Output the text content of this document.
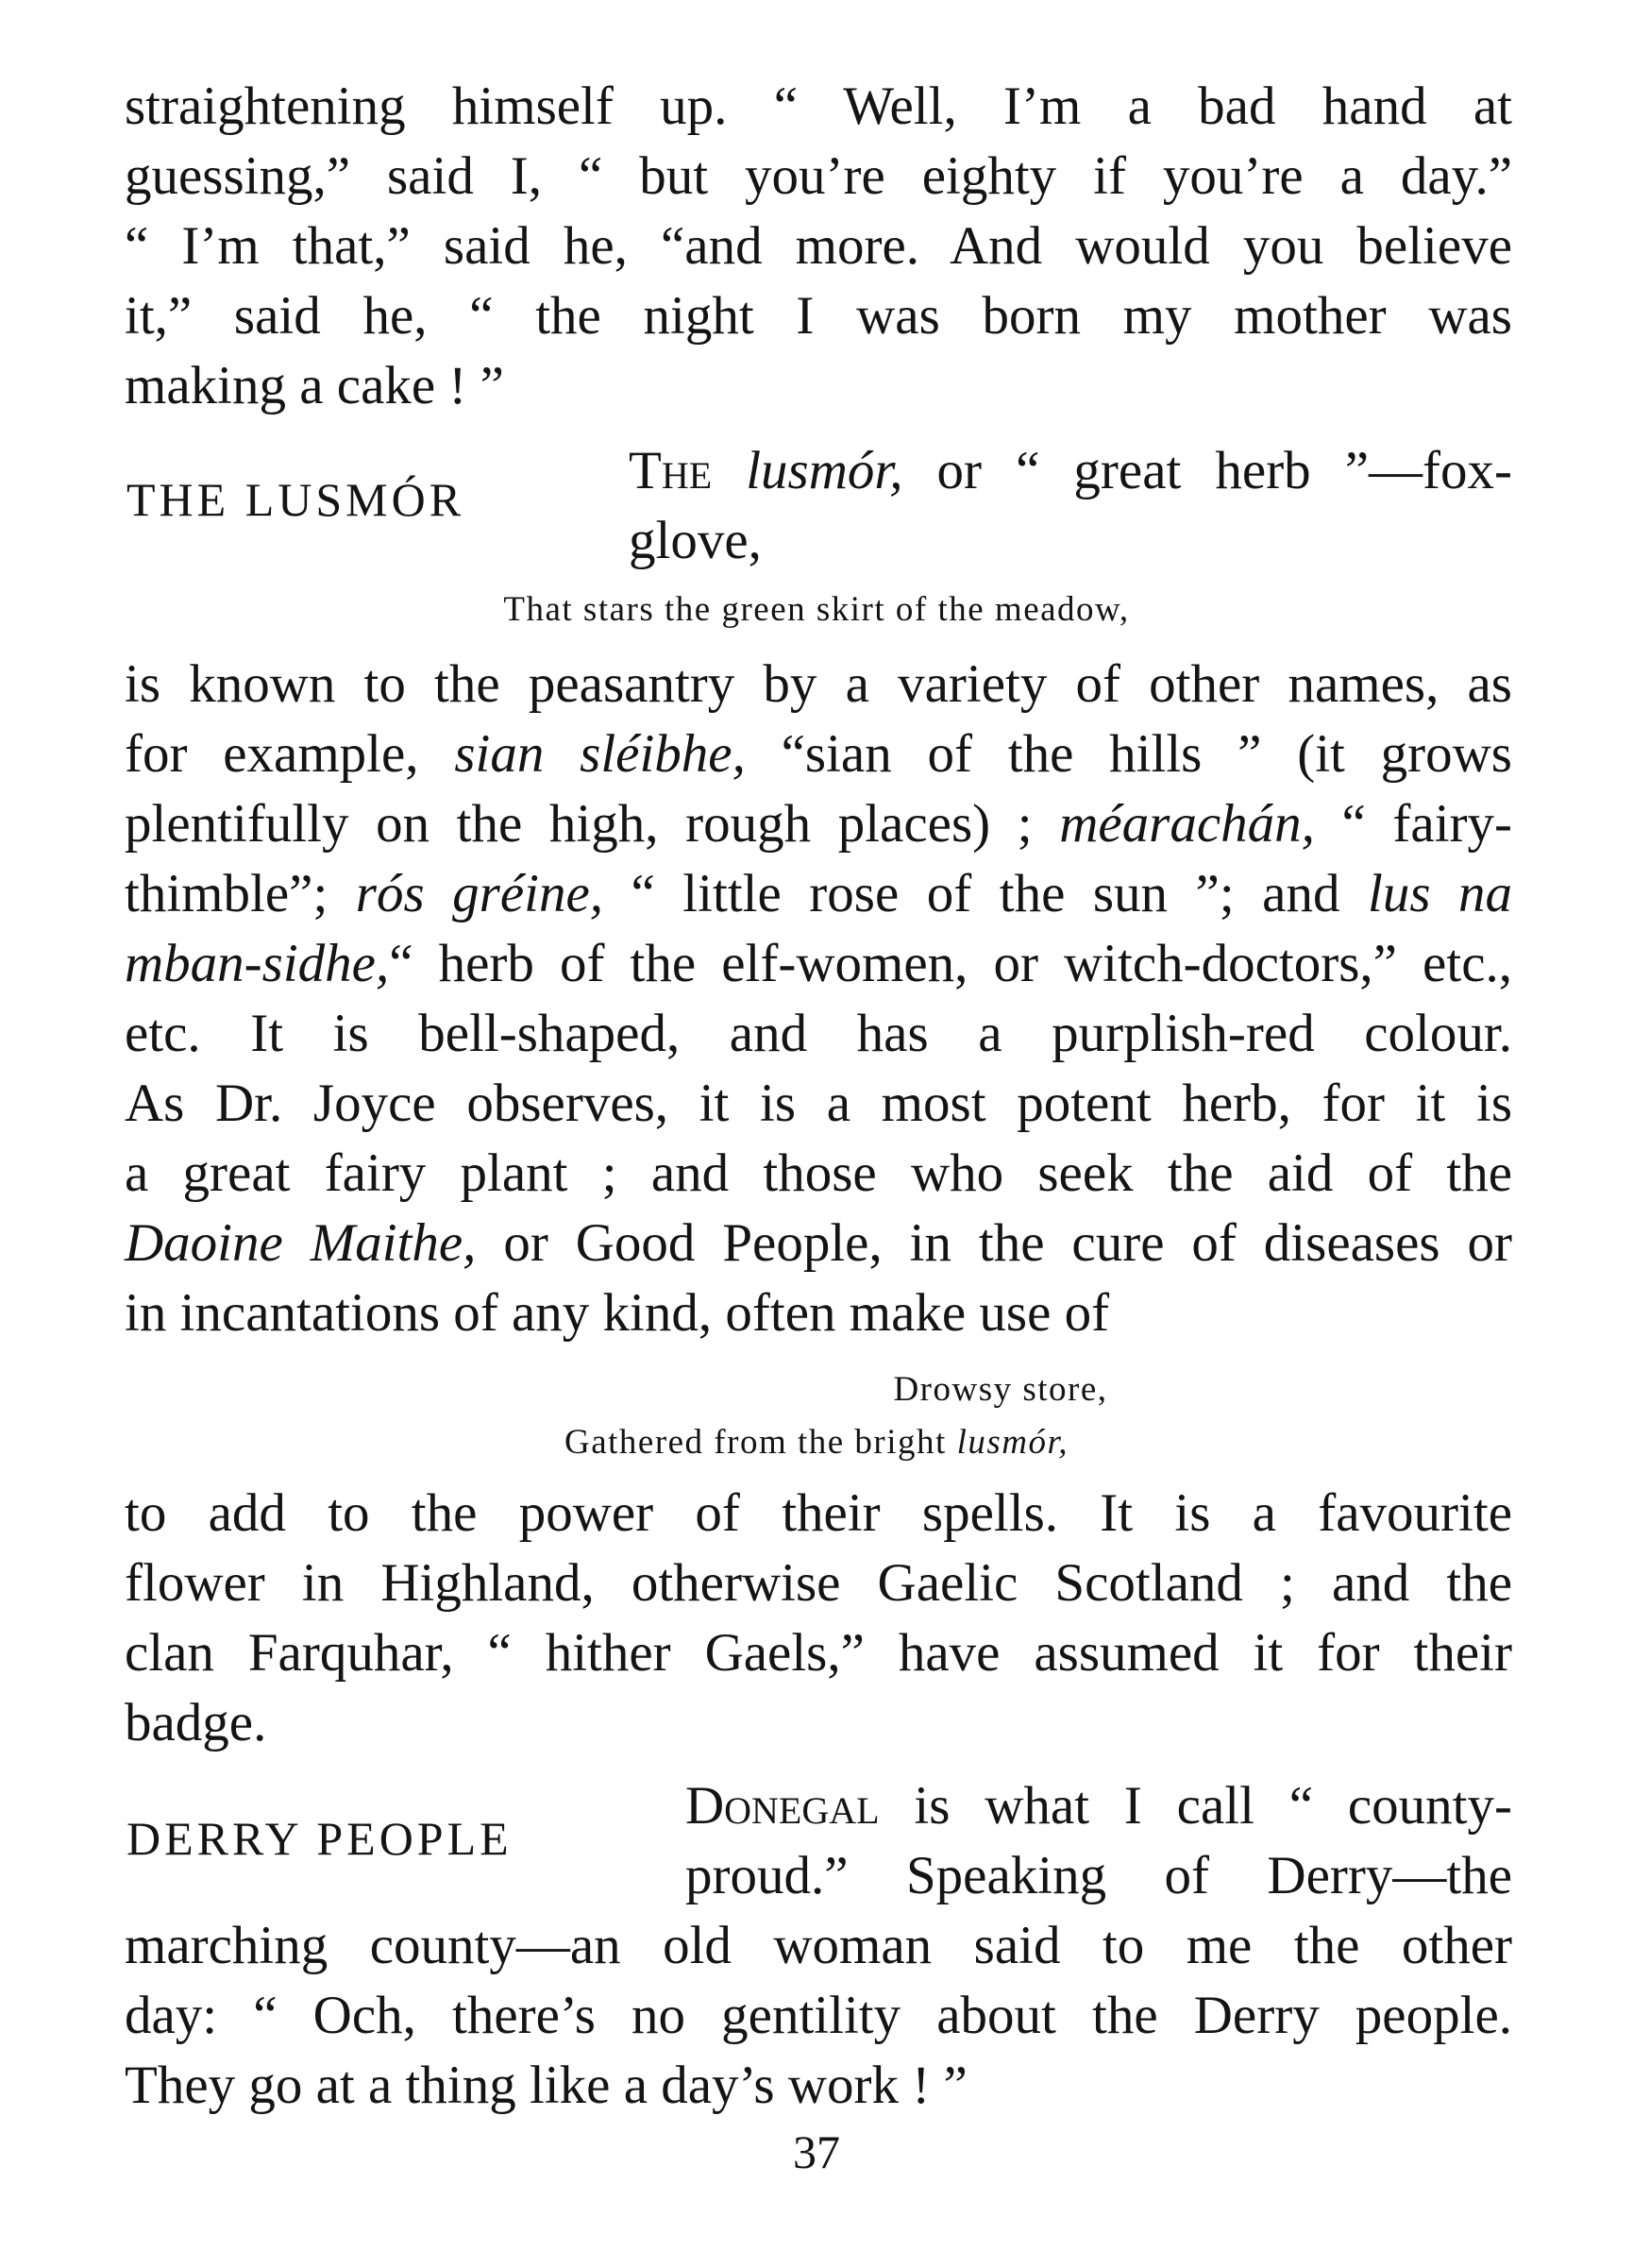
straightening himself up. “ Well, I’m a bad hand at
guessing,” said I, “ but you’re eighty if you’re a day.”
“ I’m that,” said he, “and more. And would you believe
it,” said he, “ the night I was born my mother was
making a cake ! ”
THE LUSMÓR	The lusmór, or “ great herb ”—fox-
glove,
That stars the green skirt of the meadow,
is known to the peasantry by a variety of other names, as
for example, sian sléibhe, “sian of the hills ” (it grows
plentifully on the high, rough places) ; méarachán, “ fairy-
thimble”; rós gréine, “ little rose of the sun ”; and lus na
mban-sidhe,“ herb of the elf-women, or witch-doctors,” etc.,
etc. It is bell-shaped, and has a purplish-red colour.
As Dr. Joyce observes, it is a most potent herb, for it is
a great fairy plant ; and those who seek the aid of the
Daoine Maithe, or Good People, in the cure of diseases or
in incantations of any kind, often make use of
Drowsy store,
Gathered from the bright lusmór,
to add to the power of their spells. It is a favourite
flower in Highland, otherwise Gaelic Scotland ; and the
clan Farquhar, “ hither Gaels,” have assumed it for their
badge.
DERRY PEOPLE
Donegal is what I call “ county-
proud.” Speaking of Derry—the
marching county—an old woman said to me the other
day: “ Och, there’s no gentility about the Derry people.
They go at a thing like a day’s work ! ”
37
